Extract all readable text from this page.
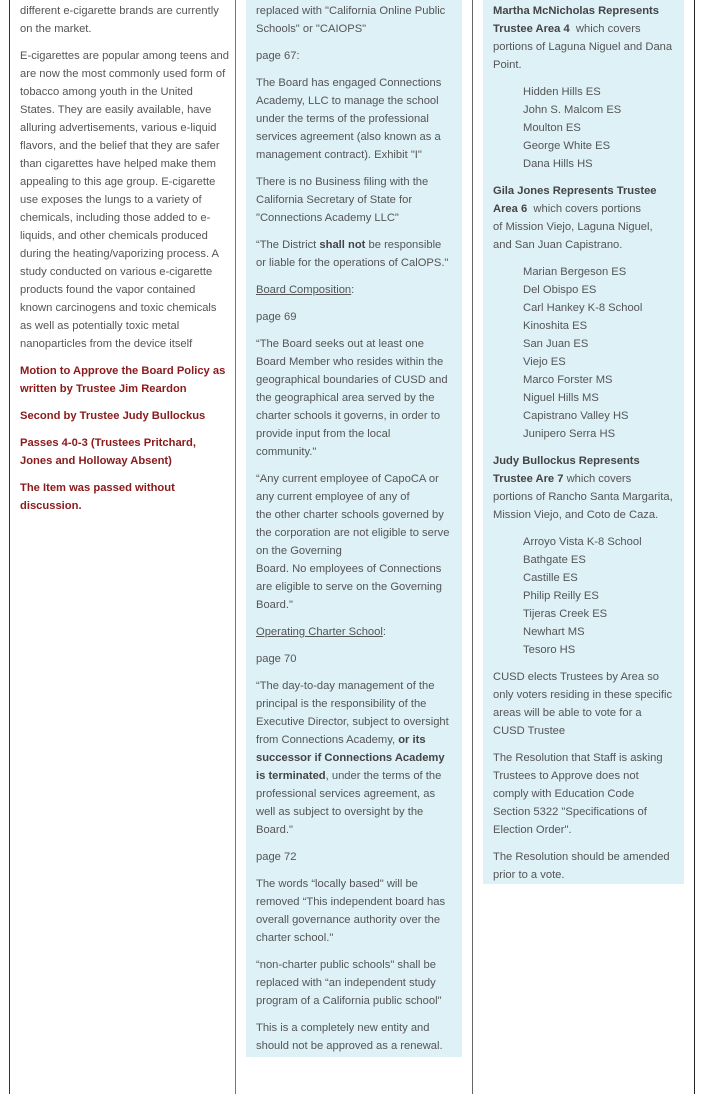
different e-cigarette brands are currently on the market.

E-cigarettes are popular among teens and are now the most commonly used form of tobacco among youth in the United States. They are easily available, have alluring advertisements, various e-liquid flavors, and the belief that they are safer than cigarettes have helped make them appealing to this age group. E-cigarette use exposes the lungs to a variety of chemicals, including those added to e-liquids, and other chemicals produced during the heating/vaporizing process. A study conducted on various e-cigarette products found the vapor contained known carcinogens and toxic chemicals as well as potentially toxic metal nanoparticles from the device itself

Motion to Approve the Board Policy as written by Trustee Jim Reardon

Second by Trustee Judy Bullockus

Passes 4-0-3 (Trustees Pritchard, Jones and Holloway Absent)

The Item was passed without discussion.

replaced with "California Online Public Schools" or "CAIOPS"

page 67:

The Board has engaged Connections Academy, LLC to manage the school under the terms of the professional services agreement (also known as a management contract). Exhibit "I"

There is no Business filing with the California Secretary of State for "Connections Academy LLC"

“The District shall not be responsible or liable for the operations of CalOPS."

Board Composition:

page 69

“The Board seeks out at least one Board Member who resides within the geographical boundaries of CUSD and the geographical area served by the charter schools it governs, in order to provide input from the local community."

“Any current employee of CapoCA or any current employee of any of
the other charter schools governed by the corporation are not eligible to serve on the Governing
Board. No employees of Connections are eligible to serve on the Governing Board."

Operating Charter School:

page 70

“The day-to-day management of the principal is the responsibility of the Executive Director, subject to oversight from Connections Academy, or its successor if Connections Academy is terminated, under the terms of the professional services agreement, as well as subject to oversight by the
Board."

page 72

The words “locally based" will be removed “This independent board has overall governance authority over the charter school."

“non-charter public schools" shall be replaced with “an independent study program of a California public school"

This is a completely new entity and should not be approved as a renewal.

Martha McNicholas Represents Trustee Area 4  which covers portions of Laguna Niguel and Dana Point.

Hidden Hills ES
John S. Malcom ES
Moulton ES
George White ES
Dana Hills HS

Gila Jones Represents Trustee Area 6  which covers portions
of Mission Viejo, Laguna Niguel, and San Juan Capistrano.

Marian Bergeson ES
Del Obispo ES
Carl Hankey K-8 School
Kinoshita ES
San Juan ES
Viejo ES
Marco Forster MS
Niguel Hills MS
Capistrano Valley HS
Junipero Serra HS

Judy Bullockus Represents Trustee Are 7 which covers portions of Rancho Santa Margarita, Mission Viejo, and Coto de Caza.

Arroyo Vista K-8 School
Bathgate ES
Castille ES
Philip Reilly ES
Tijeras Creek ES
Newhart MS
Tesoro HS

CUSD elects Trustees by Area so only voters residing in these specific areas will be able to vote for a CUSD Trustee

The Resolution that Staff is asking Trustees to Approve does not comply with Education Code Section 5322 "Specifications of Election Order".

The Resolution should be amended prior to a vote.
